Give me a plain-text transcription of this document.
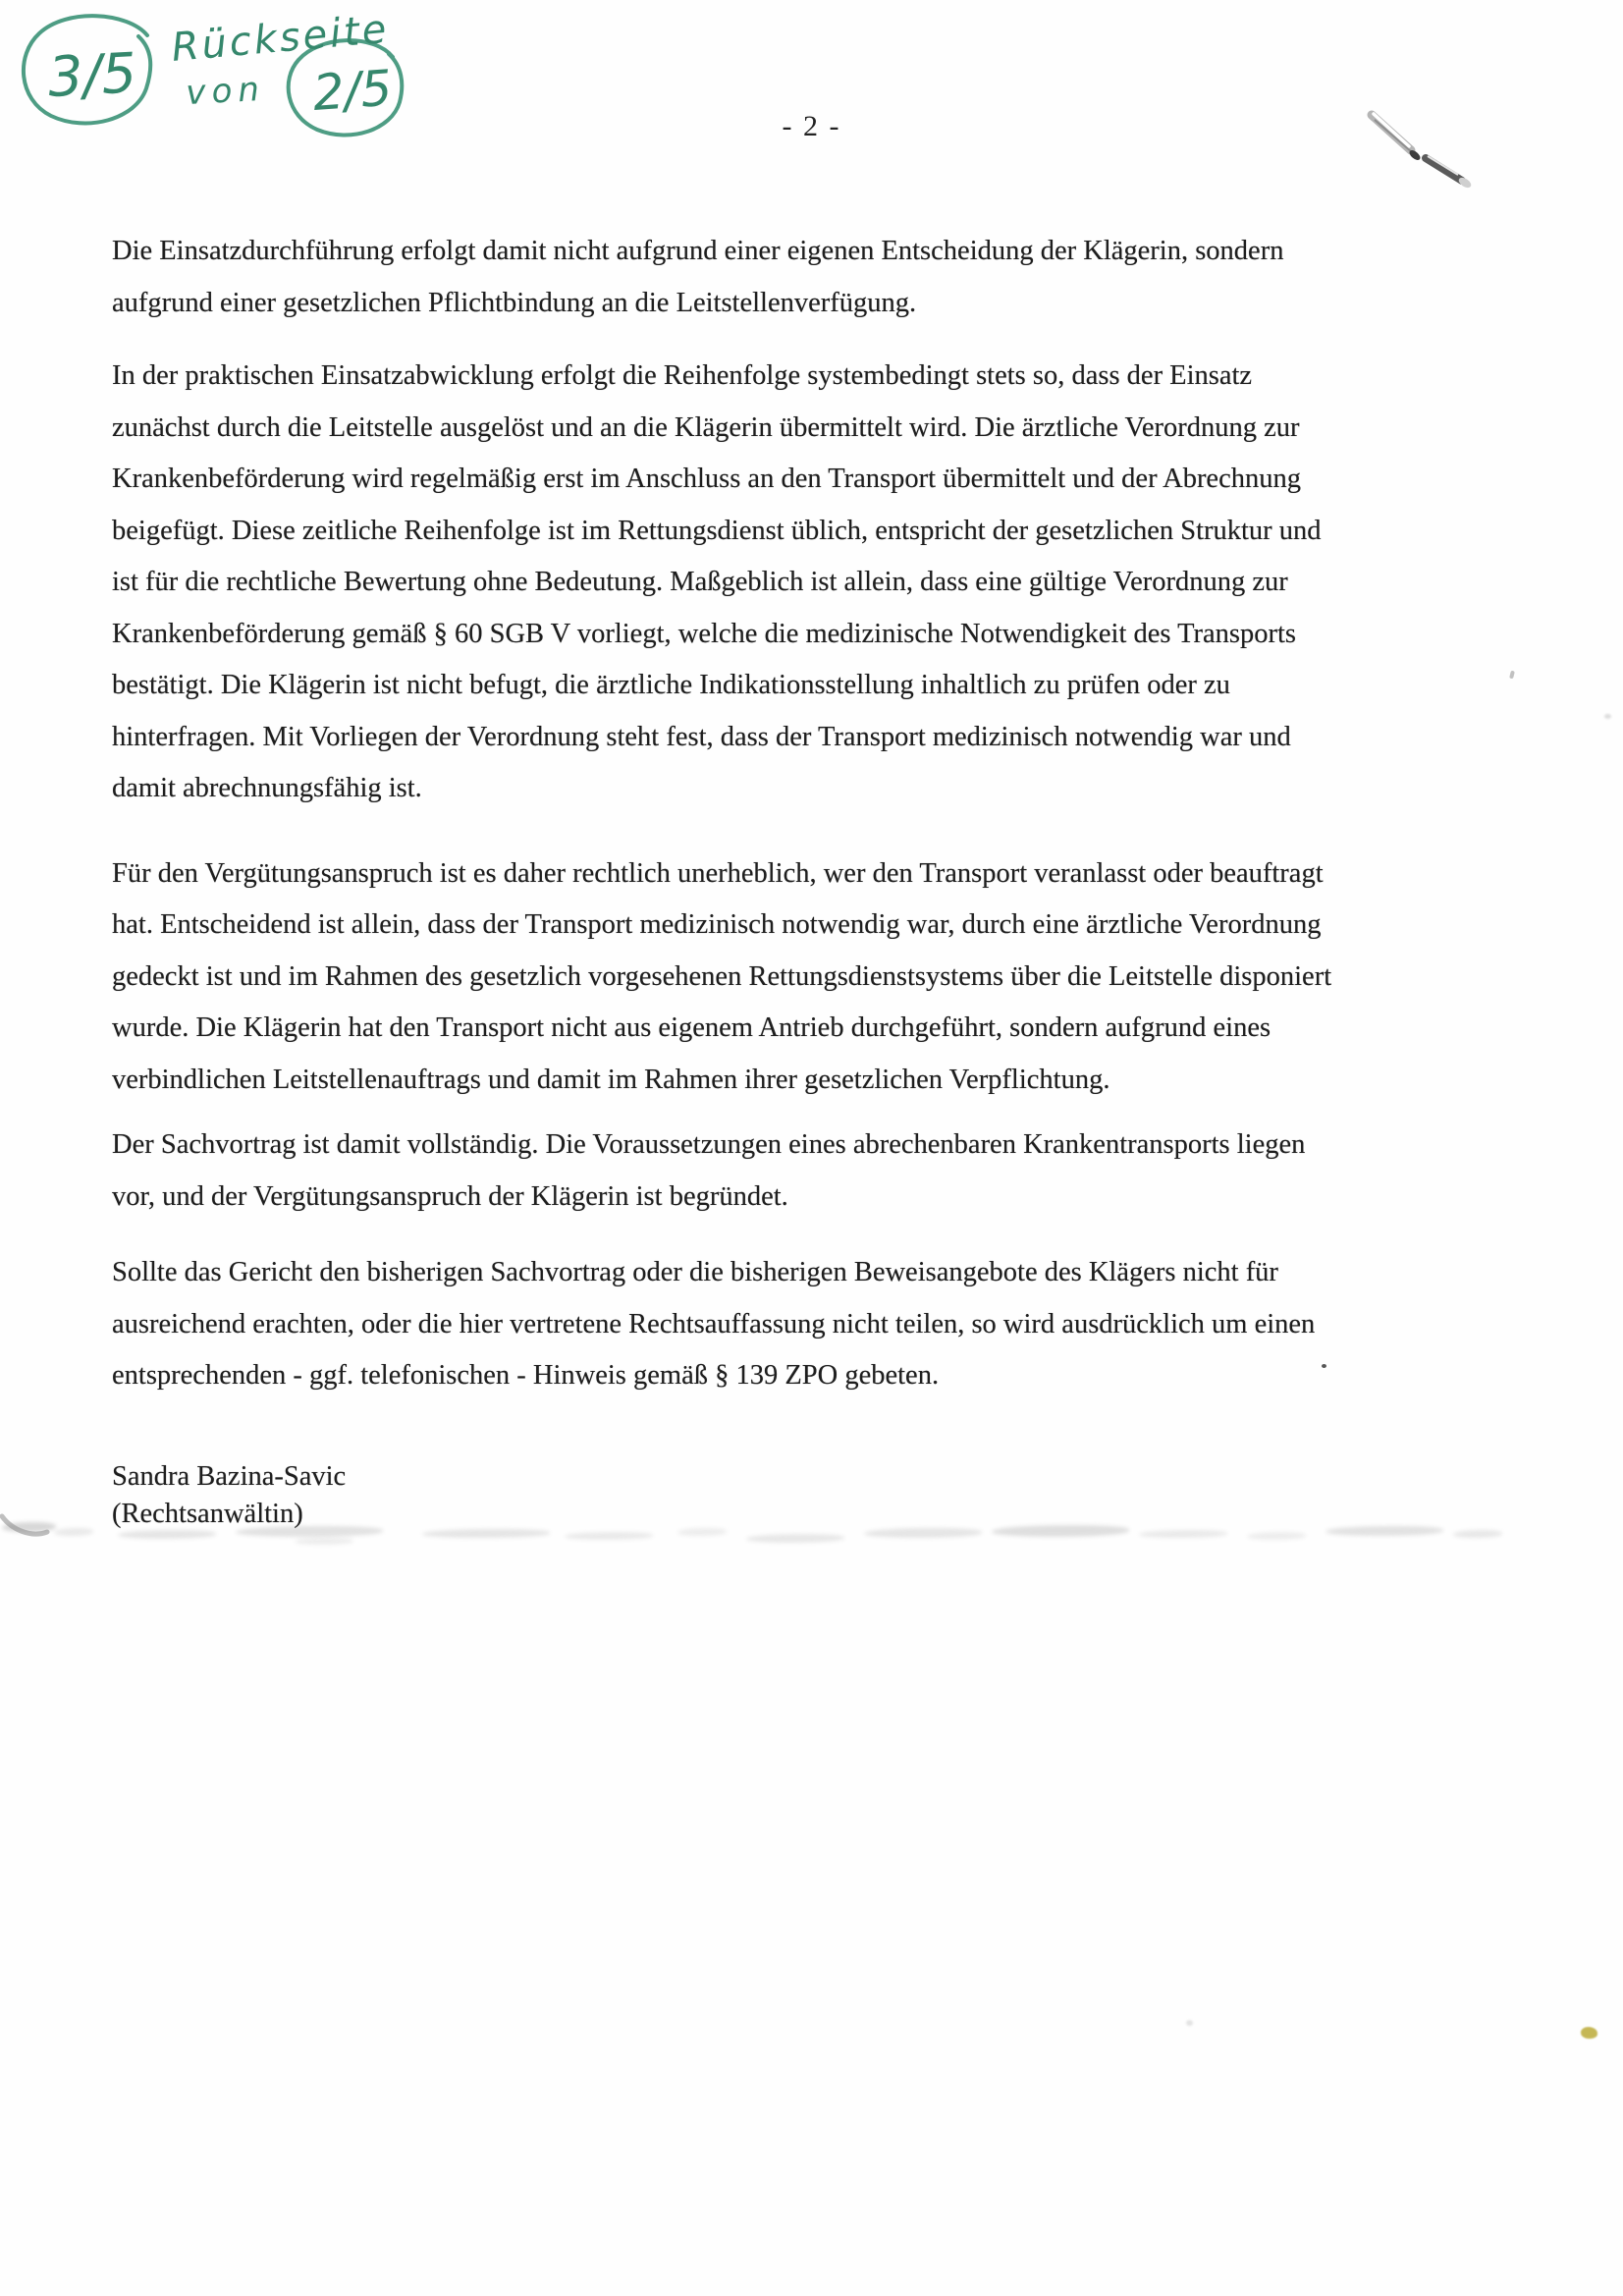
3/5
Rückseite
von 2/5
- 2 -
Die Einsatzdurchführung erfolgt damit nicht aufgrund einer eigenen Entscheidung der Klägerin, sondern
aufgrund einer gesetzlichen Pflichtbindung an die Leitstellenverfügung.
In der praktischen Einsatzabwicklung erfolgt die Reihenfolge systembedingt stets so, dass der Einsatz
zunächst durch die Leitstelle ausgelöst und an die Klägerin übermittelt wird. Die ärztliche Verordnung zur
Krankenbeförderung wird regelmäßig erst im Anschluss an den Transport übermittelt und der Abrechnung
beigefügt. Diese zeitliche Reihenfolge ist im Rettungsdienst üblich, entspricht der gesetzlichen Struktur und
ist für die rechtliche Bewertung ohne Bedeutung. Maßgeblich ist allein, dass eine gültige Verordnung zur
Krankenbeförderung gemäß § 60 SGB V vorliegt, welche die medizinische Notwendigkeit des Transports
bestätigt. Die Klägerin ist nicht befugt, die ärztliche Indikationsstellung inhaltlich zu prüfen oder zu
hinterfragen. Mit Vorliegen der Verordnung steht fest, dass der Transport medizinisch notwendig war und
damit abrechnungsfähig ist.
Für den Vergütungsanspruch ist es daher rechtlich unerheblich, wer den Transport veranlasst oder beauftragt
hat. Entscheidend ist allein, dass der Transport medizinisch notwendig war, durch eine ärztliche Verordnung
gedeckt ist und im Rahmen des gesetzlich vorgesehenen Rettungsdienstsystems über die Leitstelle disponiert
wurde. Die Klägerin hat den Transport nicht aus eigenem Antrieb durchgeführt, sondern aufgrund eines
verbindlichen Leitstellenauftrags und damit im Rahmen ihrer gesetzlichen Verpflichtung.
Der Sachvortrag ist damit vollständig. Die Voraussetzungen eines abrechenbaren Krankentransports liegen
vor, und der Vergütungsanspruch der Klägerin ist begründet.
Sollte das Gericht den bisherigen Sachvortrag oder die bisherigen Beweisangebote des Klägers nicht für
ausreichend erachten, oder die hier vertretene Rechtsauffassung nicht teilen, so wird ausdrücklich um einen
entsprechenden - ggf. telefonischen - Hinweis gemäß § 139 ZPO gebeten.
Sandra Bazina-Savic
(Rechtsanwältin)
